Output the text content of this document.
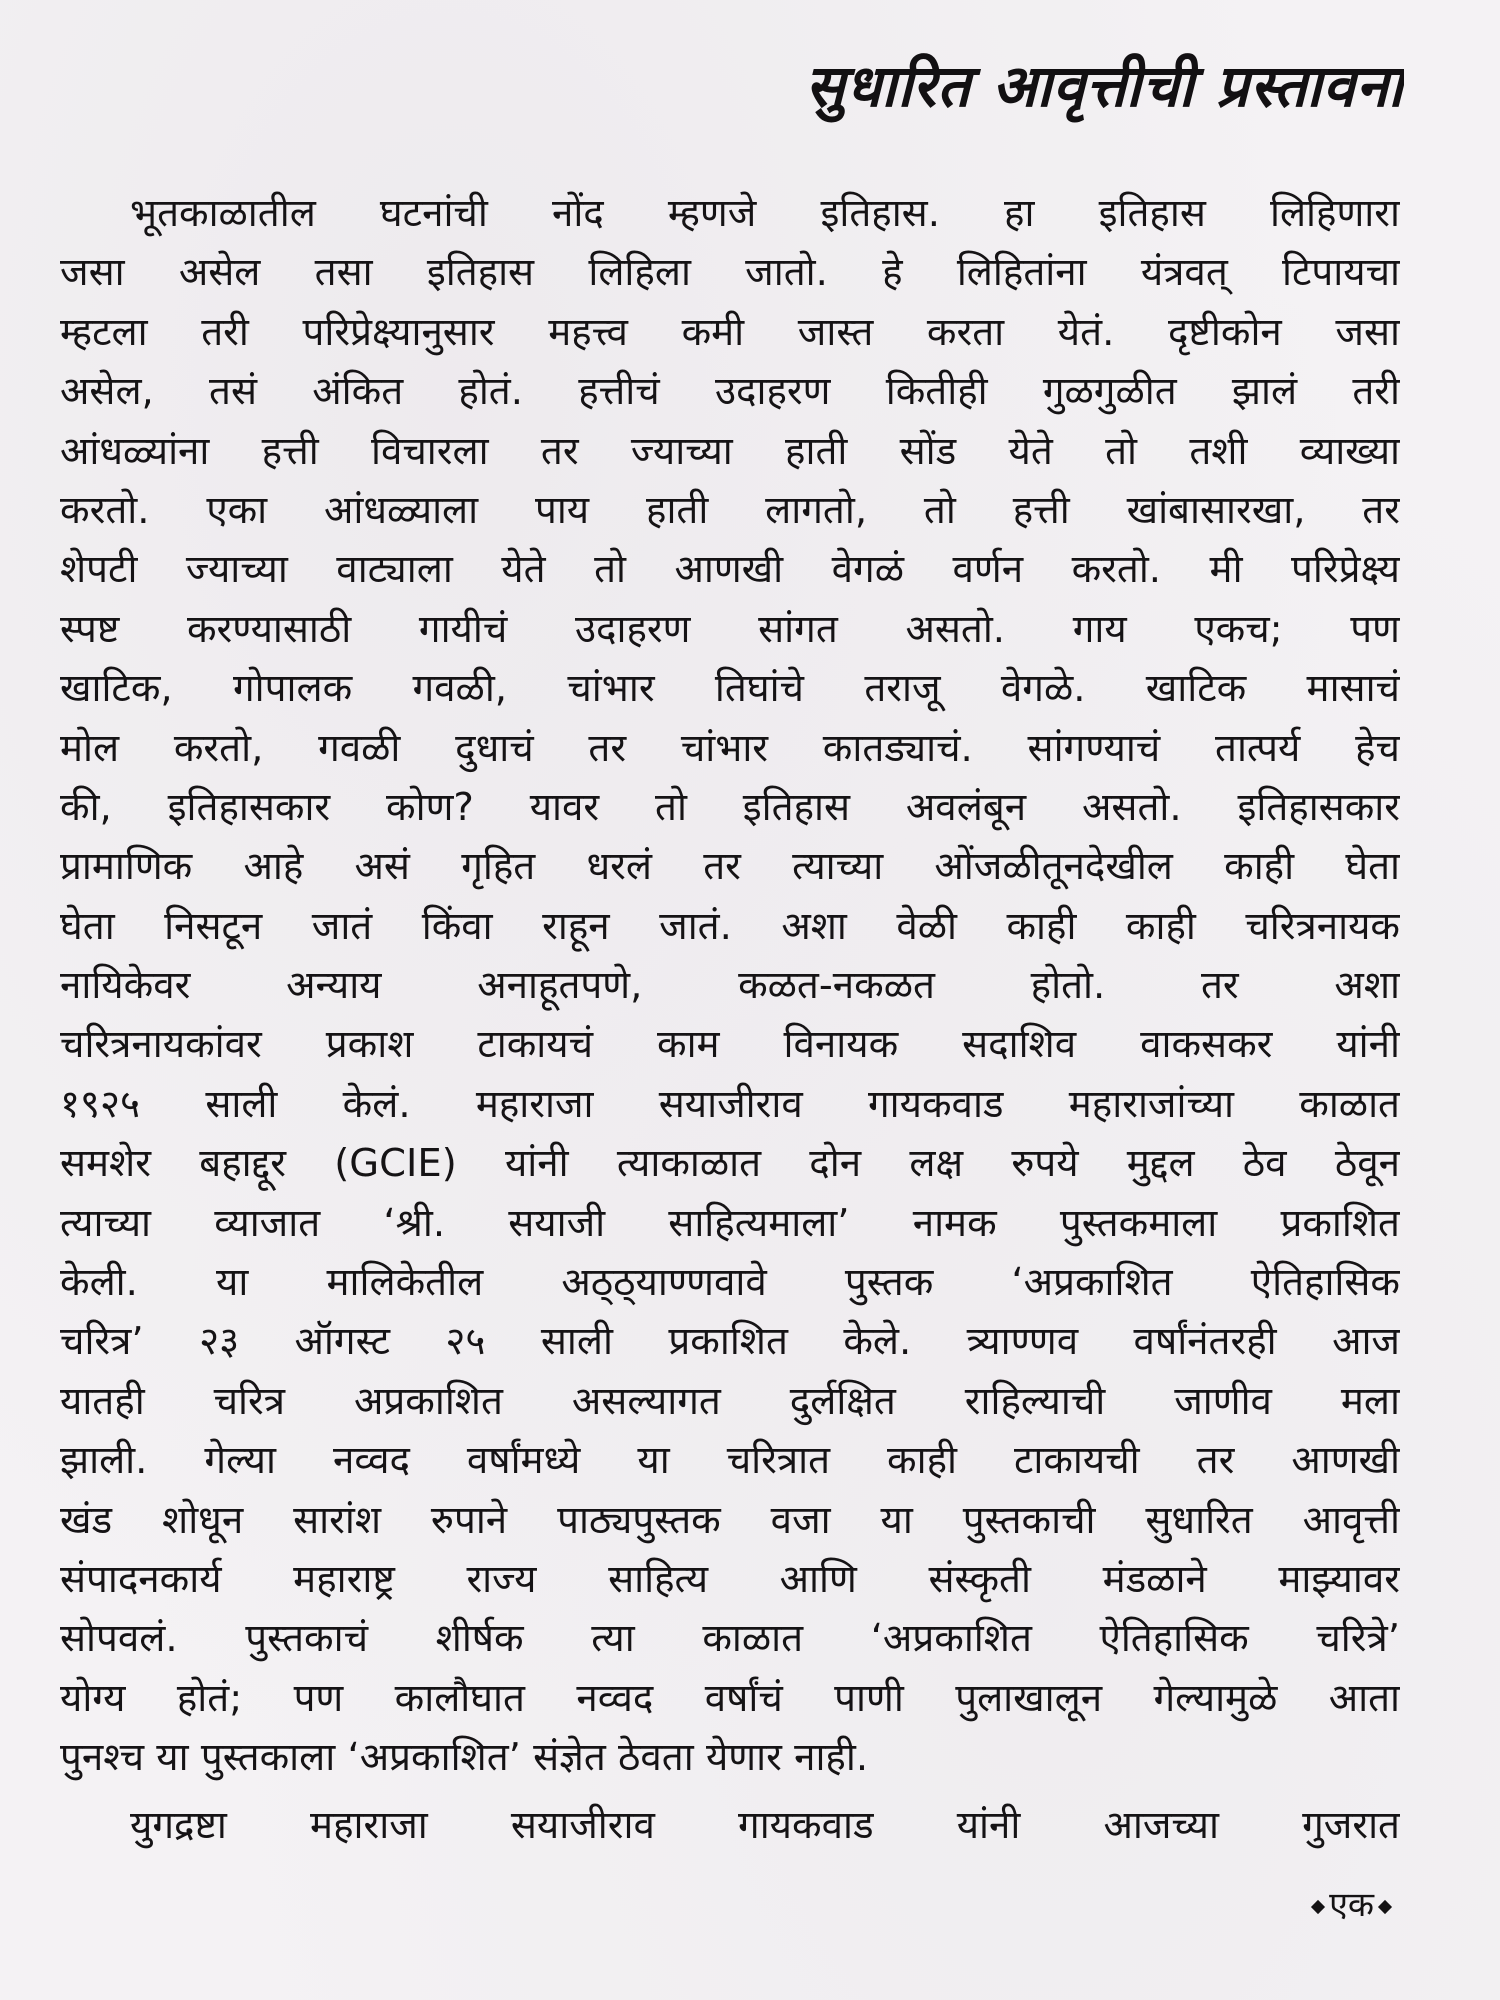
सुधारित आवृत्तीची प्रस्तावना
भूतकाळातील घटनांची नोंद म्हणजे इतिहास. हा इतिहास लिहिणारा
जसा असेल तसा इतिहास लिहिला जातो. हे लिहितांना यंत्रवत् टिपायचा
म्हटला तरी परिप्रेक्ष्यानुसार महत्त्व कमी जास्त करता येतं. दृष्टीकोन जसा
असेल, तसं अंकित होतं. हत्तीचं उदाहरण कितीही गुळगुळीत झालं तरी
आंधळ्यांना हत्ती विचारला तर ज्याच्या हाती सोंड येते तो तशी व्याख्या
करतो. एका आंधळ्याला पाय हाती लागतो, तो हत्ती खांबासारखा, तर
शेपटी ज्याच्या वाट्याला येते तो आणखी वेगळं वर्णन करतो. मी परिप्रेक्ष्य
स्पष्ट करण्यासाठी गायीचं उदाहरण सांगत असतो. गाय एकच; पण
खाटिक, गोपालक गवळी, चांभार तिघांचे तराजू वेगळे. खाटिक मासाचं
मोल करतो, गवळी दुधाचं तर चांभार कातड्याचं. सांगण्याचं तात्पर्य हेच
की, इतिहासकार कोण? यावर तो इतिहास अवलंबून असतो. इतिहासकार
प्रामाणिक आहे असं गृहित धरलं तर त्याच्या ओंजळीतूनदेखील काही घेता
घेता निसटून जातं किंवा राहून जातं. अशा वेळी काही काही चरित्रनायक
नायिकेवर अन्याय अनाहूतपणे, कळत-नकळत होतो. तर अशा
चरित्रनायकांवर प्रकाश टाकायचं काम विनायक सदाशिव वाकसकर यांनी
१९२५ साली केलं. महाराजा सयाजीराव गायकवाड महाराजांच्या काळात
समशेर बहाद्दूर (GCIE) यांनी त्याकाळात दोन लक्ष रुपये मुद्दल ठेव ठेवून
त्याच्या व्याजात ‘श्री. सयाजी साहित्यमाला’ नामक पुस्तकमाला प्रकाशित
केली. या मालिकेतील अठ्ठ्याण्णवावे पुस्तक ‘अप्रकाशित ऐतिहासिक
चरित्र’ २३ ऑगस्ट २५ साली प्रकाशित केले. त्र्याण्णव वर्षांनंतरही आज
यातही चरित्र अप्रकाशित असल्यागत दुर्लक्षित राहिल्याची जाणीव मला
झाली. गेल्या नव्वद वर्षांमध्ये या चरित्रात काही टाकायची तर आणखी
खंड शोधून सारांश रुपाने पाठ्यपुस्तक वजा या पुस्तकाची सुधारित आवृत्ती
संपादनकार्य महाराष्ट्र राज्य साहित्य आणि संस्कृती मंडळाने माझ्यावर
सोपवलं. पुस्तकाचं शीर्षक त्या काळात ‘अप्रकाशित ऐतिहासिक चरित्रे’
योग्य होतं; पण कालौघात नव्वद वर्षांचं पाणी पुलाखालून गेल्यामुळे आता
पुनश्च या पुस्तकाला ‘अप्रकाशित’ संज्ञेत ठेवता येणार नाही.
युगद्रष्टा महाराजा सयाजीराव गायकवाड यांनी आजच्या गुजरात
एक
